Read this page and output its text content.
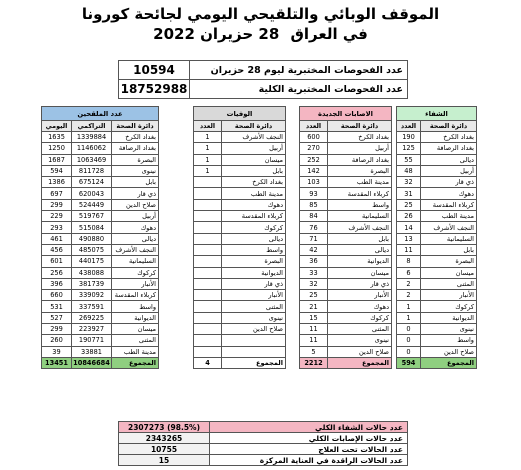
الموقف الوبائي والتلقيحي اليومي لجائحة كورونا
في العراق 28 حزيران 2022
10594	عدد الفحوصات المختبرية ليوم 28 حزيران
18752988	عدد الفحوصات المختبرية الكلية
عدد الملقحين		
اليومي	التراكمي	دائرة الصحة
1635	1339884	بغداد الكرخ
1250	1146062	بغداد الرصافة
1687	1063469	البصرة
594	811728	نينوى
1386	675124	بابل
697	620043	ذي قار
299	524449	صلاح الدين
229	519767	أربيل
293	515084	دهوك
461	490880	ديالى
456	485075	النجف الأشرف
601	440175	السليمانية
256	438088	كركوك
396	381739	الأنبار
660	339092	كربلاء المقدسة
531	337591	واسط
527	269225	الديوانية
299	223927	ميسان
260	190771	المثنى
39	33881	مدينة الطب
13451	10846684	المجموع
الوفيات	
العدد	دائرة الصحة
1	النجف الأشرف
1	أربيل
1	ميسان
1	بابل
	بغداد الكرخ
	مدينة الطب
	دهوك
	كربلاء المقدسة
	كركوك
	ديالى
	واسط
	البصرة
	الديوانية
	ذي قار
	الأنبار
	المثنى
	نينوى
	صلاح الدين

4	المجموع
الاصابات الجديدة	
العدد	دائرة الصحة
600	بغداد الكرخ
270	أربيل
252	بغداد الرصافة
142	البصرة
103	مدينة الطب
93	كربلاء المقدسة
85	واسط
84	السليمانية
76	النجف الأشرف
71	بابل
42	ديالى
36	الديوانية
33	ميسان
32	ذي قار
25	الأنبار
21	دهوك
15	كركوك
11	المثنى
11	نينوى
5	صلاح الدين
2212	المجموع
الشفاء	
العدد	دائرة الصحة
190	بغداد الكرخ
125	بغداد الرصافة
55	ديالى
48	أربيل
32	ذي قار
31	دهوك
25	كربلاء المقدسة
26	مدينة الطب
14	النجف الأشرف
13	السليمانية
11	بابل
8	البصرة
6	ميسان
2	المثنى
2	الأنبار
1	كركوك
1	الديوانية
0	نينوى
0	واسط
0	صلاح الدين
594	المجموع
2307273 (98.5%)	عدد حالات الشفاء الكلي
2343265	عدد حالات الإصابات الكلي
10755	عدد الحالات تحت العلاج
15	عدد الحالات الراقدة في العناية المركزة
